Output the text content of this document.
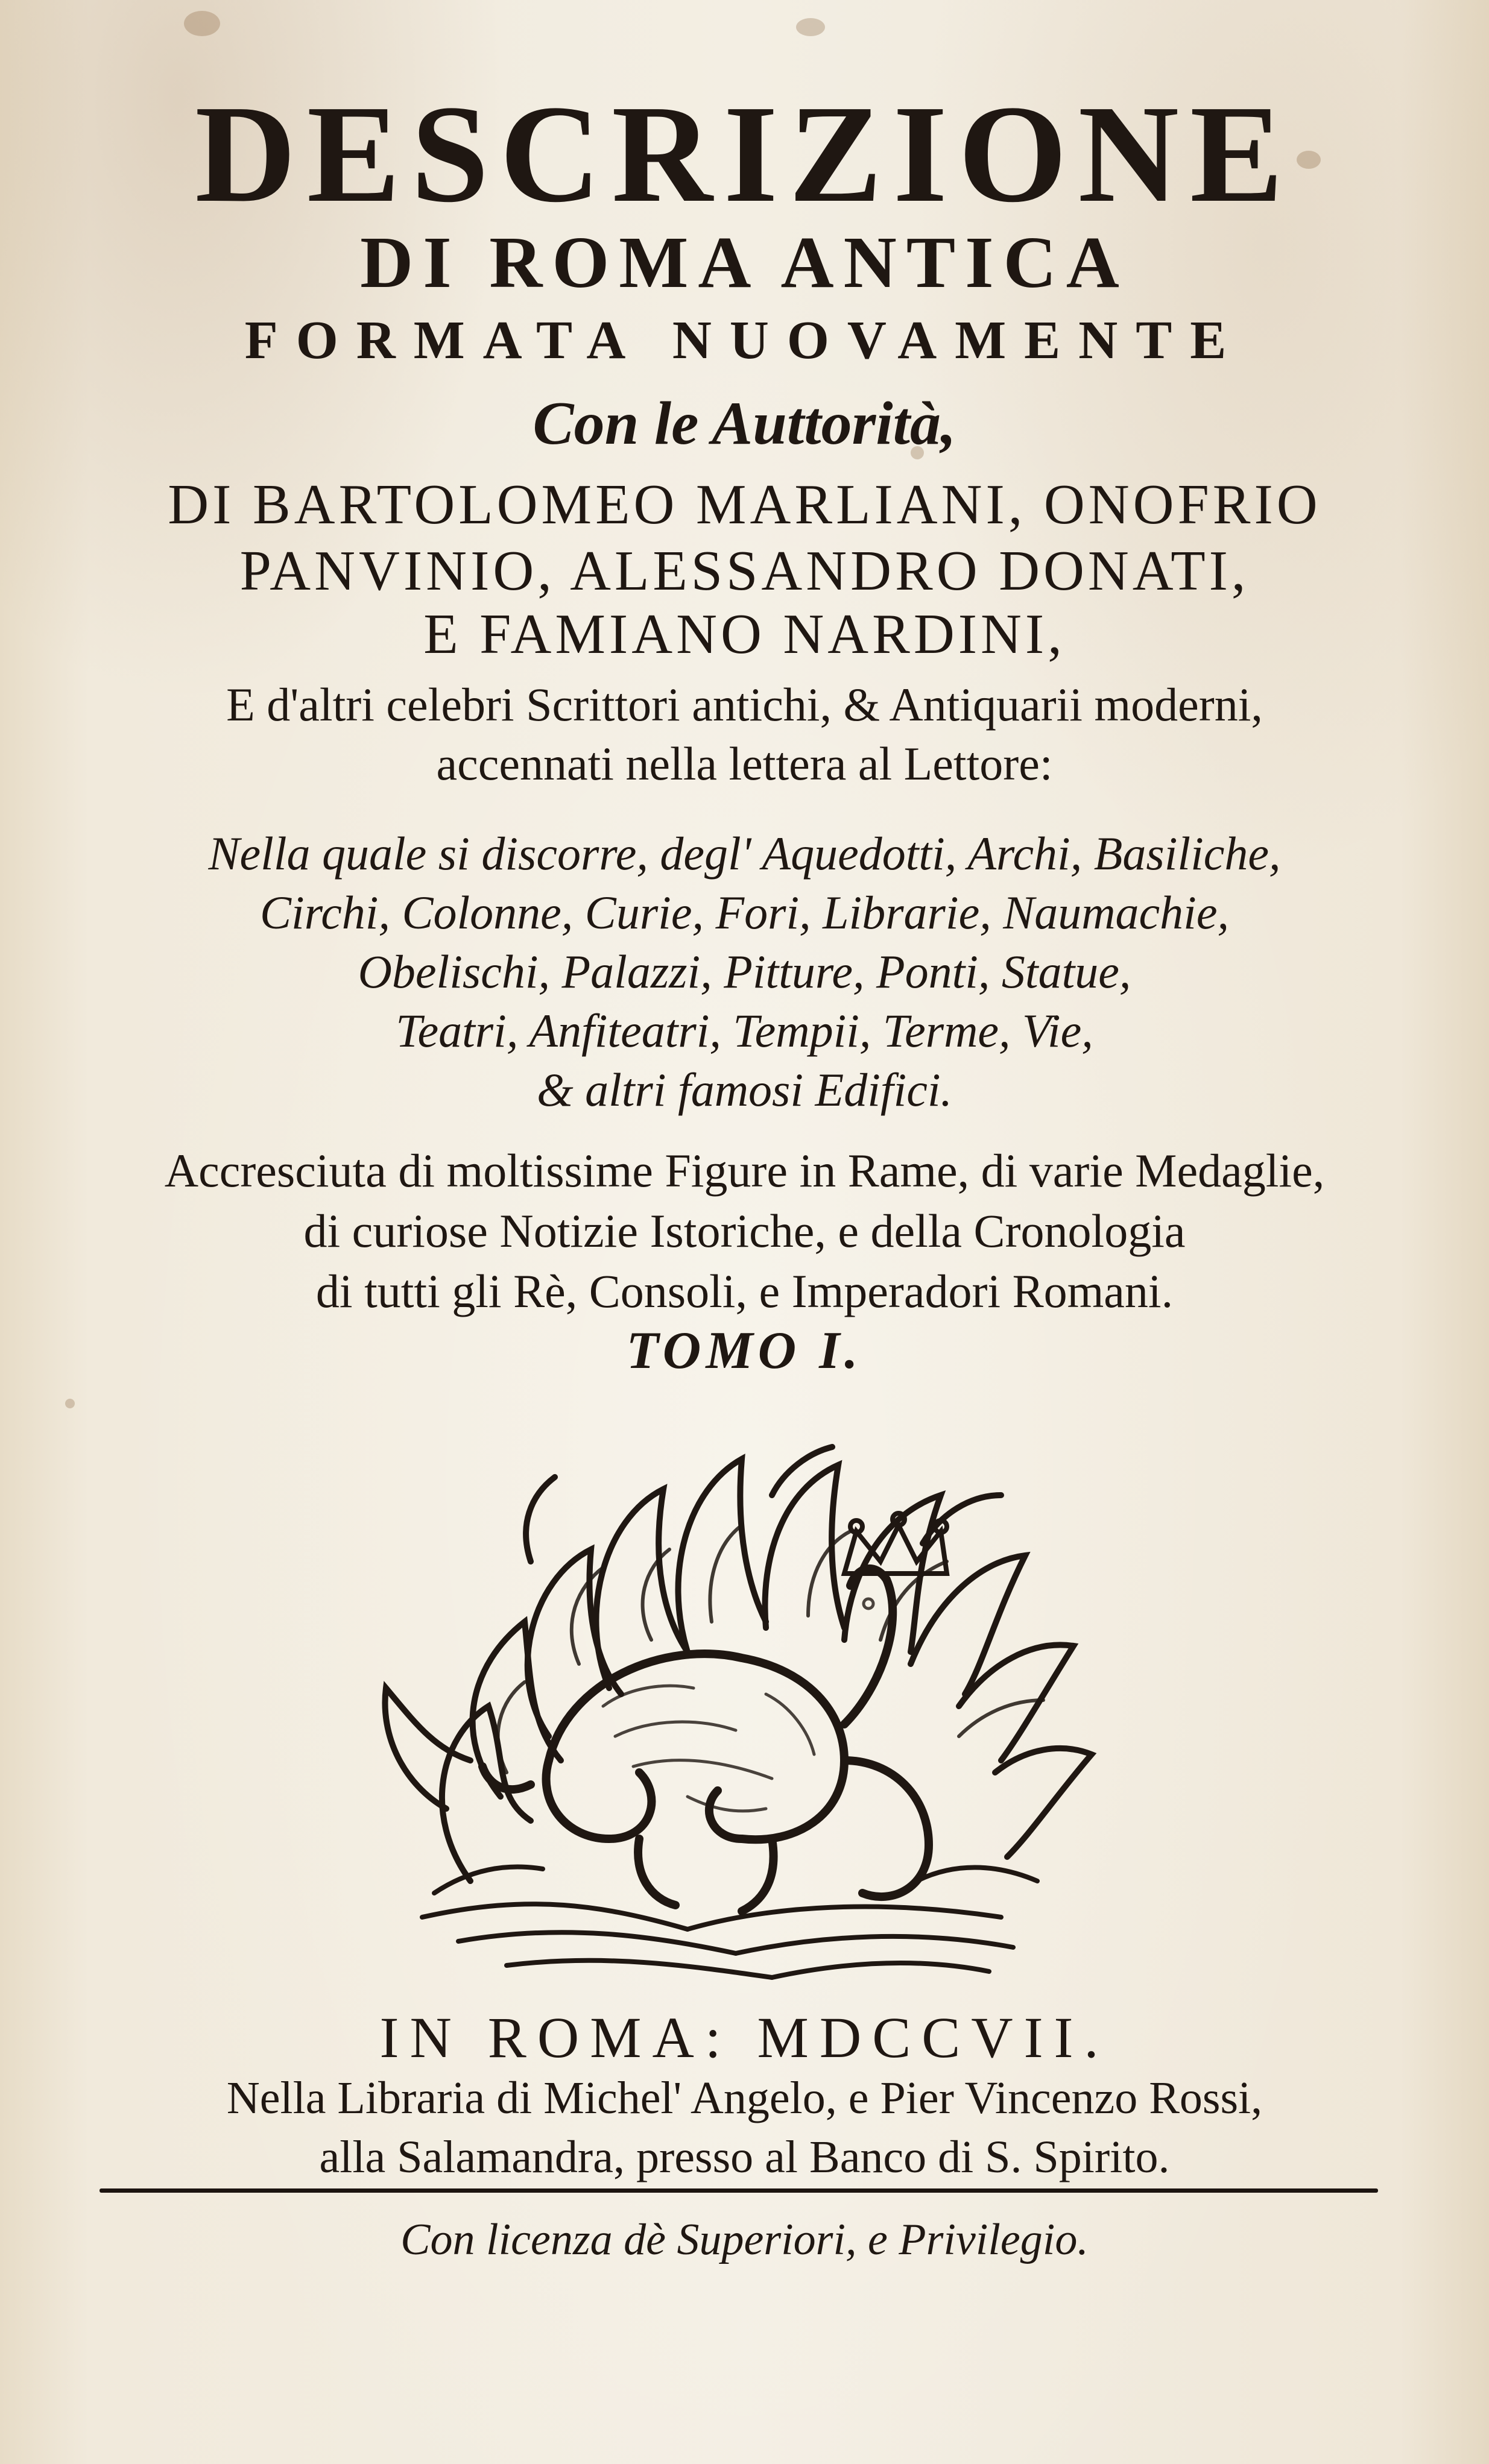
DESCRIZIONE
DI ROMA ANTICA
FORMATA NUOVAMENTE
Con le Auttorità,
DI BARTOLOMEO MARLIANI, ONOFRIO
PANVINIO, ALESSANDRO DONATI,
E FAMIANO NARDINI,
E d'altri celebri Scrittori antichi, & Antiquarii moderni,
accennati nella lettera al Lettore:
Nella quale si discorre, degl' Aquedotti, Archi, Basiliche,
Circhi, Colonne, Curie, Fori, Librarie, Naumachie,
Obelischi, Palazzi, Pitture, Ponti, Statue,
Teatri, Anfiteatri, Tempii, Terme, Vie,
& altri famosi Edifici.
Accresciuta di moltissime Figure in Rame, di varie Medaglie,
di curiose Notizie Istoriche, e della Cronologia
di tutti gli Rè, Consoli, e Imperadori Romani.
TOMO I.
IN ROMA: MDCCVII.
Nella Libraria di Michel' Angelo, e Pier Vincenzo Rossi,
alla Salamandra, presso al Banco di S. Spirito.
Con licenza dè Superiori, e Privilegio.
